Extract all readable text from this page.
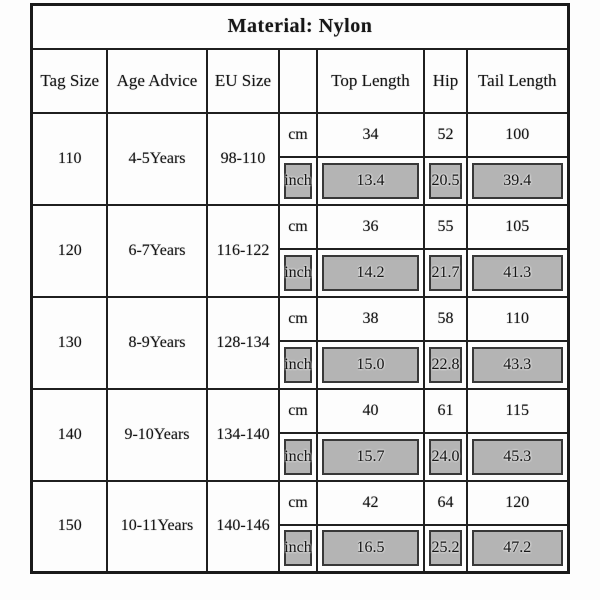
Material: Nylon						
Tag Size	Age Advice	EU Size		Top Length	Hip	Tail Length
110	4-5Years	98-110	cm	34	52	100

inch	13.4	20.5	39.4

120	6-7Years	116-122	cm	36	55	105

inch	14.2	21.7	41.3

130	8-9Years	128-134	cm	38	58	110

inch	15.0	22.8	43.3

140	9-10Years	134-140	cm	40	61	115

inch	15.7	24.0	45.3

150	10-11Years	140-146	cm	42	64	120

inch	16.5	25.2	47.2
